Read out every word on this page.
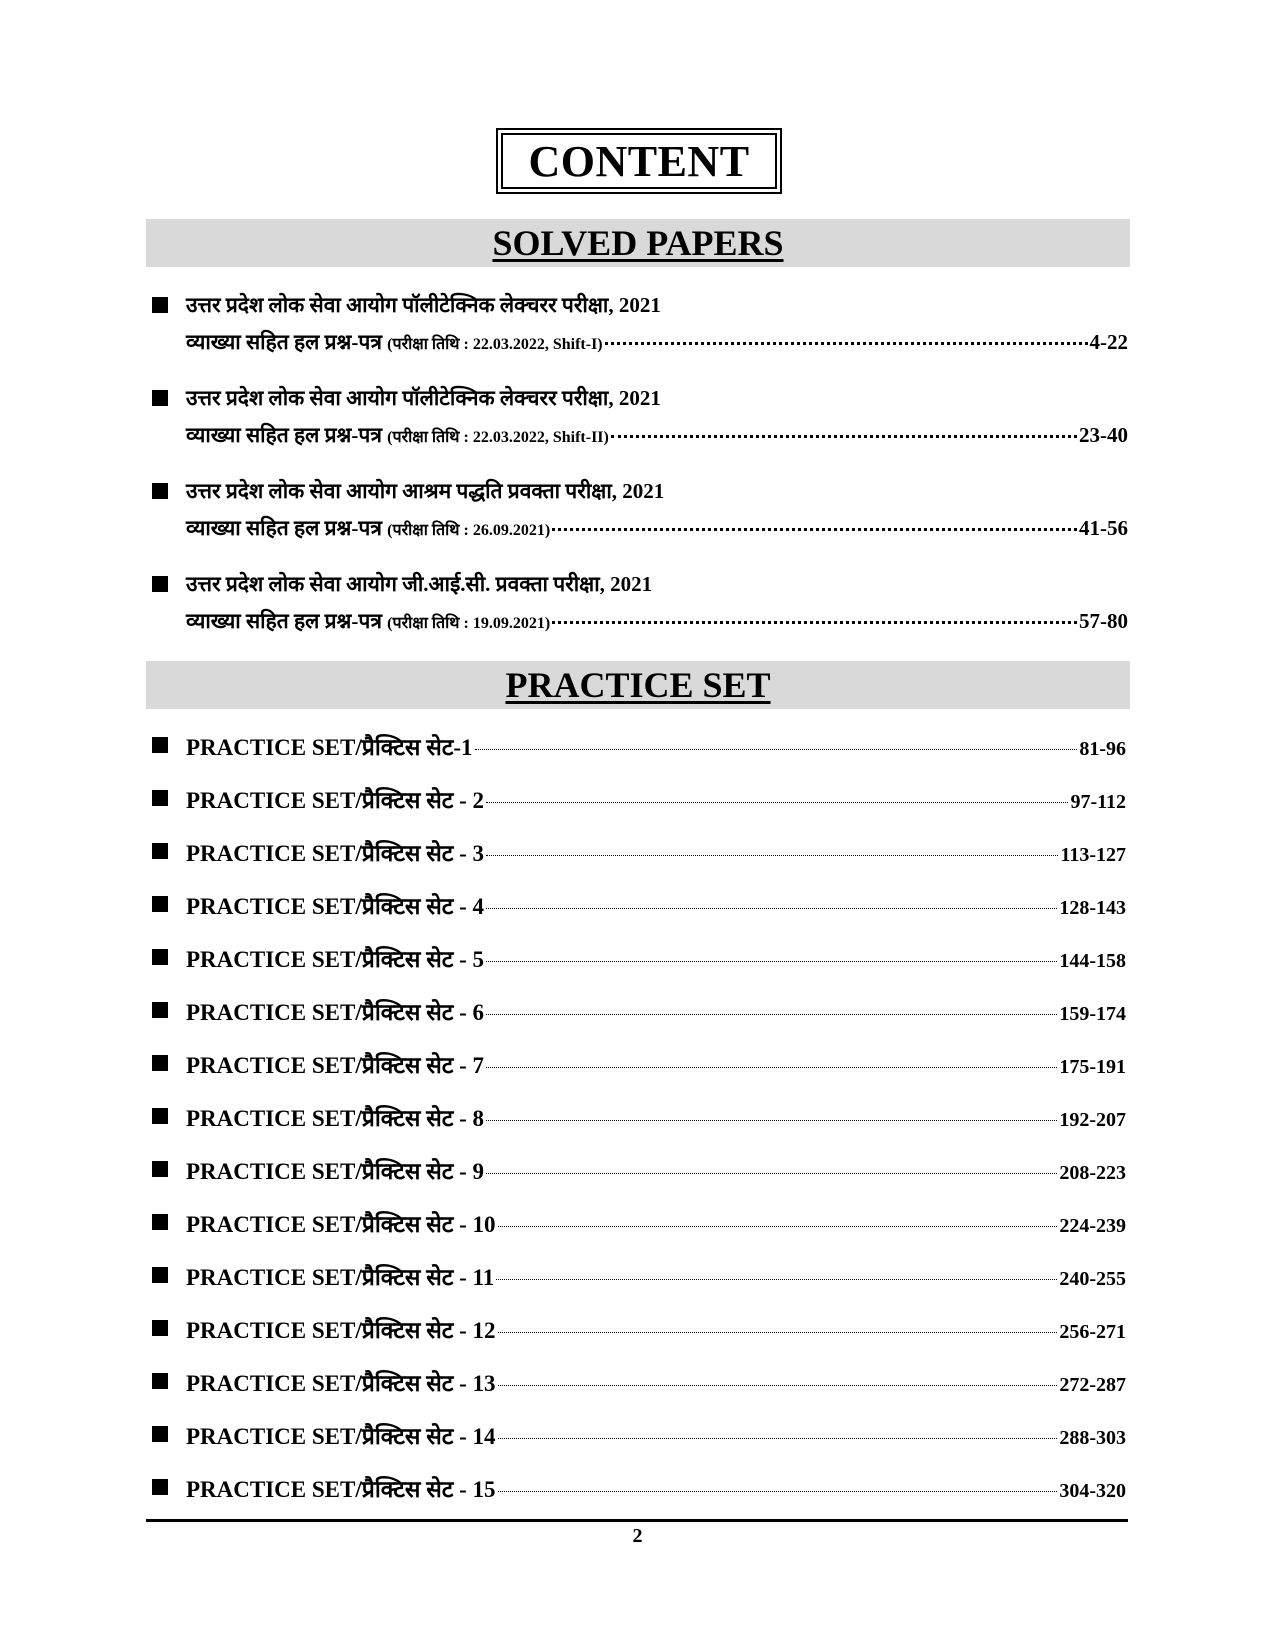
CONTENT
SOLVED PAPERS
उत्तर प्रदेश लोक सेवा आयोग पॉलीटेक्निक लेक्चरर परीक्षा, 2021
व्याख्या सहित हल प्रश्न-पत्र
(परीक्षा तिथि : 22.03.2022, Shift-I)	4-22
उत्तर प्रदेश लोक सेवा आयोग पॉलीटेक्निक लेक्चरर परीक्षा, 2021
व्याख्या सहित हल प्रश्न-पत्र
(परीक्षा तिथि : 22.03.2022, Shift-II)	23-40
उत्तर प्रदेश लोक सेवा आयोग आश्रम पद्धति प्रवक्ता परीक्षा, 2021
व्याख्या सहित हल प्रश्न-पत्र
(परीक्षा तिथि : 26.09.2021)	41-56
उत्तर प्रदेश लोक सेवा आयोग जी.आई.सी. प्रवक्ता परीक्षा, 2021
व्याख्या सहित हल प्रश्न-पत्र
(परीक्षा तिथि : 19.09.2021)	57-80
PRACTICE SET
PRACTICE SET/प्रैक्टिस सेट-1	81-96
PRACTICE SET/प्रैक्टिस सेट - 2	97-112
PRACTICE SET/प्रैक्टिस सेट - 3	113-127
PRACTICE SET/प्रैक्टिस सेट - 4	128-143
PRACTICE SET/प्रैक्टिस सेट - 5	144-158
PRACTICE SET/प्रैक्टिस सेट - 6	159-174
PRACTICE SET/प्रैक्टिस सेट - 7	175-191
PRACTICE SET/प्रैक्टिस सेट - 8	192-207
PRACTICE SET/प्रैक्टिस सेट - 9	208-223
PRACTICE SET/प्रैक्टिस सेट - 10	224-239
PRACTICE SET/प्रैक्टिस सेट - 11	240-255
PRACTICE SET/प्रैक्टिस सेट - 12	256-271
PRACTICE SET/प्रैक्टिस सेट - 13	272-287
PRACTICE SET/प्रैक्टिस सेट - 14	288-303
PRACTICE SET/प्रैक्टिस सेट - 15	304-320
2
